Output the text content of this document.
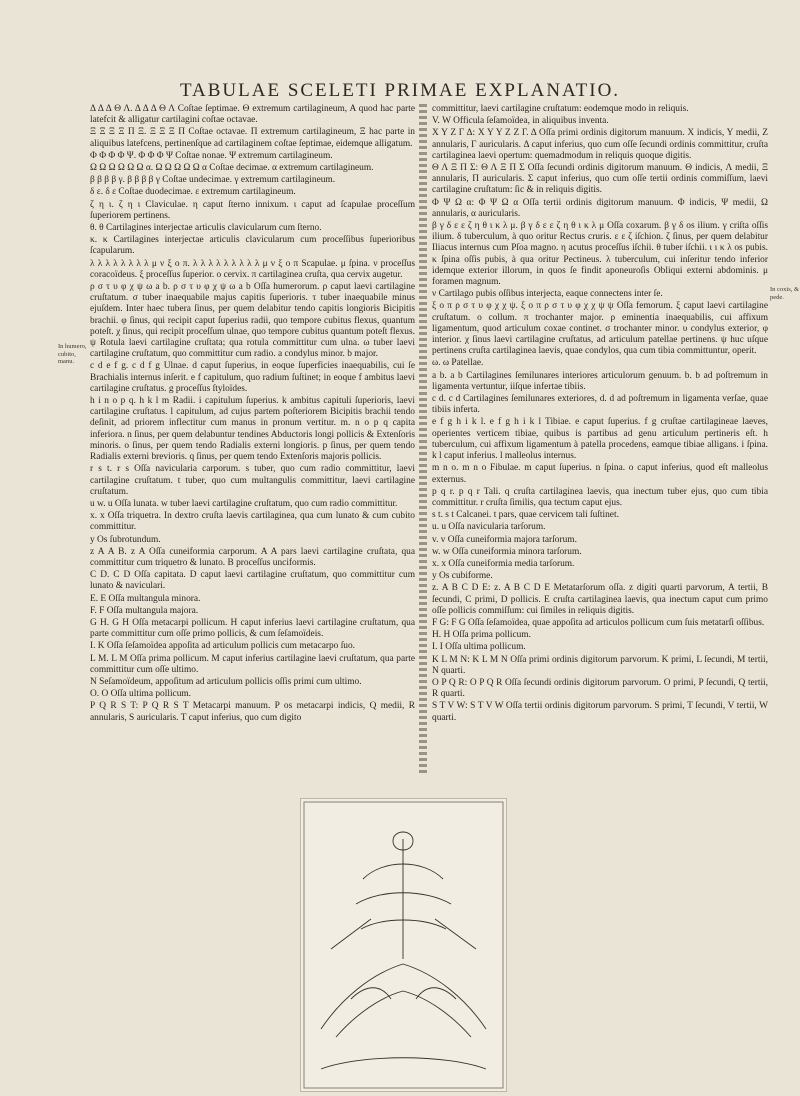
TABULAE SCELETI PRIMAE EXPLANATIO.

Δ Δ Δ Θ Λ. Δ Δ Δ Θ Λ Coſtae ſeptimae. Θ extremum cartilagineum, A quod hac parte latefcit & alligatur cartilagini coſtae octavae.

Ξ Ξ Ξ Ξ Π Ξ. Ξ Ξ Ξ Π Coſtae octavae. Π extremum cartilagineum, Ξ hac parte in aliquibus latefcens, pertinenſque ad cartilaginem coſtae ſeptimae, eidemque alligatum.

Φ Φ Φ Φ Ψ. Φ Φ Φ Ψ Coſtae nonae. Ψ extremum cartilagineum.

Ω Ω Ω Ω Ω Ω α. Ω Ω Ω Ω Ω α Coſtae decimae. α extremum cartilagineum.

β β β β γ. β β β β γ Coſtae undecimae. γ extremum cartilagineum.

δ ε. δ ε Coſtae duodecimae. ε extremum cartilagineum.

ζ η ι. ζ η ι Claviculae. η caput ſterno innixum. ι caput ad ſcapulae proceſſum ſuperiorem pertinens.

θ. θ Cartilagines interjectae articulis clavicularum cum ſterno.

κ. κ Cartilagines interjectae articulis clavicularum cum proceſſibus ſuperioribus ſcapularum.

λ λ λ λ λ λ λ λ μ ν ξ ο π. λ λ λ λ λ λ λ λ λ μ ν ξ ο π Scapulae. μ ſpina. ν proceſſus coracoïdeus. ξ proceſſus ſuperior. ο cervix. π cartilaginea cruſta, qua cervix augetur.

ρ σ τ υ φ χ ψ ω a b. ρ σ τ υ φ χ ψ ω a b Oſſa humerorum. ρ caput laevi cartilagine cruſtatum. σ tuber inaequabile majus capitis ſuperioris. τ tuber inaequabile minus ejuſdem. Inter haec tubera ſinus, per quem delabitur tendo capitis longioris Bicipitis brachii. φ ſinus, qui recipit caput ſuperius radii, quo tempore cubitus flexus, quantum poteſt. χ ſinus, qui recipit proceſſum ulnae, quo tempore cubitus quantum poteſt flexus. ψ Rotula laevi cartilagine cruſtata; qua rotula committitur cum ulna. ω tuber laevi cartilagine cruſtatum, quo committitur cum radio. a condylus minor. b major.

c d e f g. c d f g Ulnae. d caput ſuperius, in eoque ſuperficies inaequabilis, cui ſe Brachialis internus inſerit. e f capitulum, quo radium ſuſtinet; in eoque f ambitus laevi cartilagine cruſtatus. g proceſſus ſtyloïdes.

h i n o p q. h k l m Radii. i capitulum ſuperius. k ambitus capituli ſuperioris, laevi cartilagine cruſtatus. l capitulum, ad cujus partem poſteriorem Bicipitis brachii tendo deſinit, ad priorem inflectitur cum manus in pronum vertitur. m. n o p q capita inferiora. n ſinus, per quem delabuntur tendines Abductoris longi pollicis & Extenſoris minoris. o ſinus, per quem tendo Radialis externi longioris. p ſinus, per quem tendo Radialis externi brevioris. q ſinus, per quem tendo Extenſoris majoris pollicis.

r s t. r s Oſſa navicularia carporum. s tuber, quo cum radio committitur, laevi cartilagine cruſtatum. t tuber, quo cum multangulis committitur, laevi cartilagine cruſtatum.

u w. u Oſſa lunata. w tuber laevi cartilagine cruſtatum, quo cum radio committitur.

x. x Oſſa triquetra. In dextro cruſta laevis cartilaginea, qua cum lunato & cum cubito committitur.

y Os ſubrotundum.

z A A B. z A Oſſa cuneiformia carporum. A A pars laevi cartilagine cruſtata, qua committitur cum triquetro & lunato. B proceſſus unciformis.

C D. C D Oſſa capitata. D caput laevi cartilagine cruſtatum, quo committitur cum lunato & naviculari.

E. E Oſſa multangula minora.

F. F Oſſa multangula majora.

G H. G H Oſſa metacarpi pollicum. H caput inferius laevi cartilagine cruſtatum, qua parte committitur cum oſſe primo pollicis, & cum ſeſamoïdeis.

I. K Oſſa ſeſamoïdea appoſita ad articulum pollicis cum metacarpo ſuo.

L M. L M Oſſa prima pollicum. M caput inferius cartilagine laevi cruſtatum, qua parte committitur cum oſſe ultimo.

N Seſamoïdeum, appoſitum ad articulum pollicis oſſis primi cum ultimo.

O. O Oſſa ultima pollicum.

P Q R S T: P Q R S T Metacarpi manuum. P os metacarpi indicis, Q medii, R annularis, S auricularis. T caput inferius, quo cum digito

committitur, laevi cartilagine cruſtatum: eodemque modo in reliquis.

V. W Officula ſeſamoïdea, in aliquibus inventa.

X Y Z Γ Δ: X Y Y Z Z Γ. Δ Oſſa primi ordinis digitorum manuum. X indicis, Y medii, Z annularis, Γ auricularis. Δ caput inferius, quo cum oſſe ſecundi ordinis committitur, cruſta cartilaginea laevi opertum: quemadmodum in reliquis quoque digitis.

Θ Λ Ξ Π Σ: Θ Λ Ξ Π Σ Oſſa ſecundi ordinis digitorum manuum. Θ indicis, Λ medii, Ξ annularis, Π auricularis. Σ caput inferius, quo cum oſſe tertii ordinis commiſſum, laevi cartilagine cruſtatum: ſic & in reliquis digitis.

Φ Ψ Ω α: Φ Ψ Ω α Oſſa tertii ordinis digitorum manuum. Φ indicis, Ψ medii, Ω annularis, α auricularis.

β γ δ ε ε ζ η θ ι κ λ μ. β γ δ ε ε ζ η θ ι κ λ μ Oſſa coxarum. β γ δ os ilium. γ criſta oſſis ilium. δ tuberculum, à quo oritur Rectus cruris. ε ε ζ iſchion. ζ ſinus, per quem delabitur Iliacus internus cum Pſoa magno. η acutus proceſſus iſchii. θ tuber iſchii. ι ι κ λ os pubis. κ ſpina oſſis pubis, à qua oritur Pectineus. λ tuberculum, cui inſeritur tendo inferior idemque exterior illorum, in quos ſe findit aponeuroſis Obliqui externi abdominis. μ foramen magnum.

ν Cartilago pubis oſſibus interjecta, eaque connectens inter ſe.

ξ ο π ρ σ τ υ φ χ χ ψ. ξ ο π ρ σ τ υ φ χ χ ψ ψ Oſſa femorum. ξ caput laevi cartilagine cruſtatum. ο collum. π trochanter major. ρ eminentia inaequabilis, cui affixum ligamentum, quod articulum coxae continet. σ trochanter minor. υ condylus exterior, φ interior. χ ſinus laevi cartilagine cruſtatus, ad articulum patellae pertinens. ψ huc uſque pertinens cruſta cartilaginea laevis, quae condylos, qua cum tibia committuntur, operit.

ω. ω Patellae.

a b. a b Cartilagines ſemilunares interiores articulorum genuum. b. b ad poſtremum in ligamenta vertuntur, iiſque infertae tibiis.

c d. c d Cartilagines ſemilunares exteriores, d. d ad poſtremum in ligamenta verſae, quae tibiis inferta.

e f g h i k l. e f g h i k l Tibiae. e caput ſuperius. f g cruſtae cartilagineae laeves, operientes verticem tibiae, quibus is partibus ad genu articulum pertineris eſt. h tuberculum, cui affixum ligamentum à patella procedens, eamque tibiae alligans. i ſpina. k l caput inferius. l malleolus internus.

m n o. m n o Fibulae. m caput ſuperius. n ſpina. o caput inferius, quod eſt malleolus externus.

p q r. p q r Tali. q cruſta cartilaginea laevis, qua inectum tuber ejus, quo cum tibia committitur. r cruſta ſimilis, qua tectum caput ejus.

s t. s t Calcanei. t pars, quae cervicem tali ſuſtinet.

u. u Oſſa navicularia tarſorum.

v. v Oſſa cuneiformia majora tarſorum.

w. w Oſſa cuneiformia minora tarſorum.

x. x Oſſa cuneiformia media tarſorum.

y Os cubiforme.

z. A B C D E: z. A B C D E Metatarſorum oſſa. z digiti quarti parvorum, A tertii, B ſecundi, C primi, D pollicis. E cruſta cartilaginea laevis, qua inectum caput cum primo oſſe pollicis commiſſum: cui ſimiles in reliquis digitis.

F G: F G Oſſa ſeſamoïdea, quae appoſita ad articulos pollicum cum ſuis metatarſi oſſibus.

H. H Oſſa prima pollicum.

I. I Oſſa ultima pollicum.

K L M N: K L M N Oſſa primi ordinis digitorum parvorum. K primi, L ſecundi, M tertii, N quarti.

O P Q R: O P Q R Oſſa ſecundi ordinis digitorum parvorum. O primi, P ſecundi, Q tertii, R quarti.

S T V W: S T V W Oſſa tertii ordinis digitorum parvorum. S primi, T ſecundi, V tertii, W quarti.

In humero, cubito, manu.
In coxis, & pede.
